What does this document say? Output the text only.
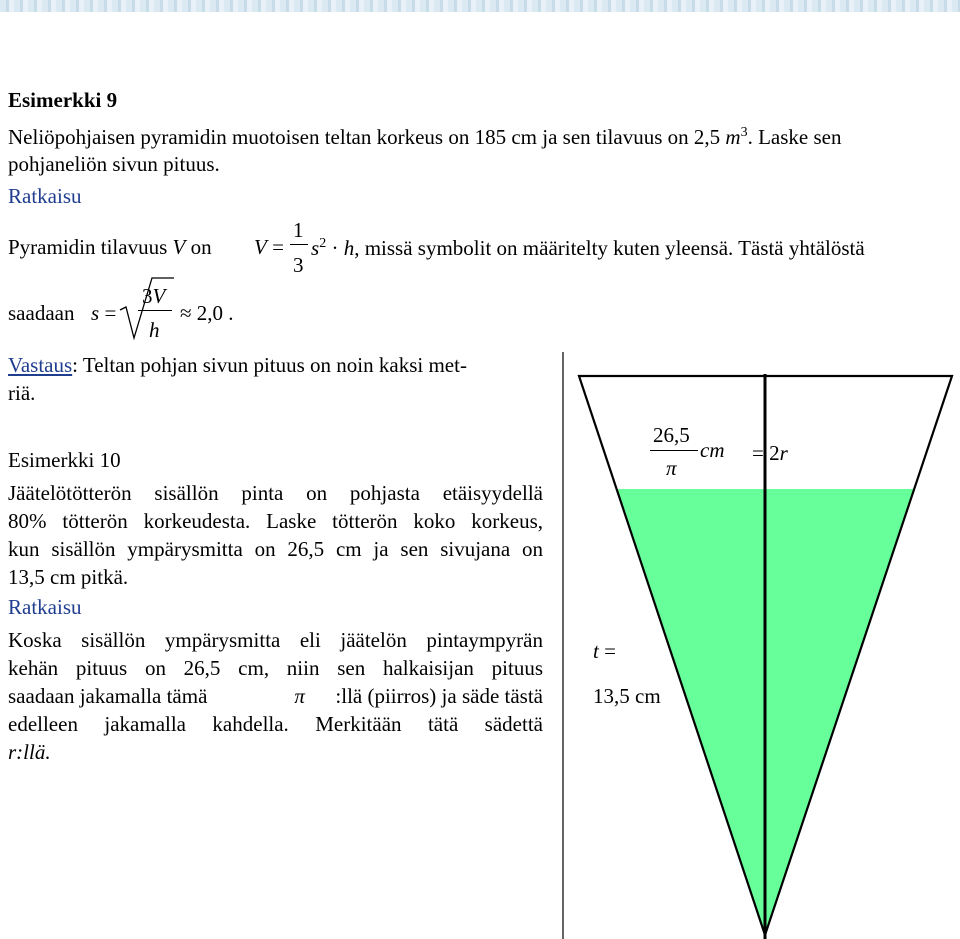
Esimerkki 9
Neliöpohjaisen pyramidin muotoisen teltan korkeus on 185 cm ja sen tilavuus on 2,5 $m^3$. Laske sen
pohjaneliön sivun pituus.
Ratkaisu
Pyramidin tilavuus V on V =
1
3
$s^2 \cdot h$, missä symbolit on määritelty kuten yleensä. Tästä yhtälöstä
saadaan s =
3V
h
≈ 2,0 .
Vastaus: Teltan pohjan sivun pituus on noin kaksi met-
riä.
Esimerkki 10
Jäätelötötterön sisällön pinta on pohjasta etäisyydellä
80% tötterön korkeudesta. Laske tötterön koko korkeus,
kun sisällön ympärysmitta on 26,5 cm ja sen sivujana on
13,5 cm pitkä.
Ratkaisu
Koska sisällön ympärysmitta eli jäätelön pintaympyrän
kehän pituus on 26,5 cm, niin sen halkaisijan pituus
saadaan jakamalla tämä	π :llä (piirros) ja säde tästä
edelleen jakamalla kahdella. Merkitään tätä sädettä
r:llä.
26,5
π
cm = 2r
t =
13,5 cm
